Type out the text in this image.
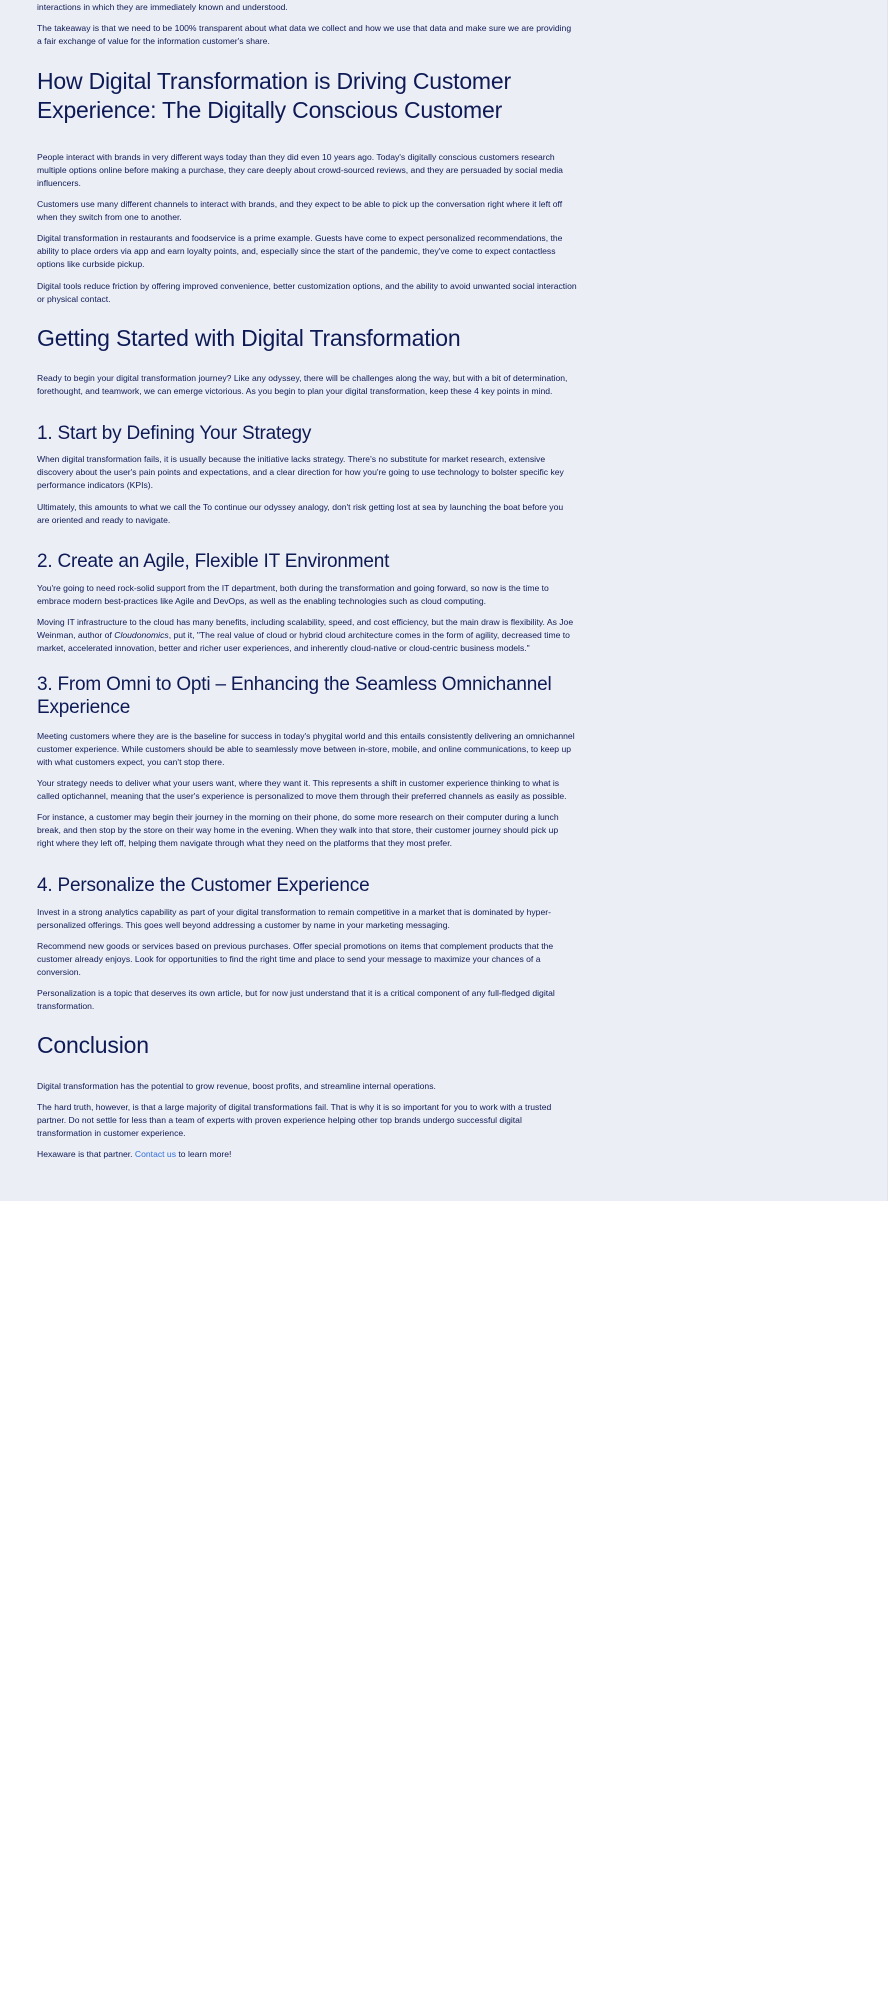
interactions in which they are immediately known and understood.

The takeaway is that we need to be 100% transparent about what data we collect and how we use that data and make sure we are providing a fair exchange of value for the information customer's share.

How Digital Transformation is Driving Customer Experience: The Digitally Conscious Customer

People interact with brands in very different ways today than they did even 10 years ago. Today's digitally conscious customers research multiple options online before making a purchase, they care deeply about crowd-sourced reviews, and they are persuaded by social media influencers.

Customers use many different channels to interact with brands, and they expect to be able to pick up the conversation right where it left off when they switch from one to another.

Digital transformation in restaurants and foodservice is a prime example. Guests have come to expect personalized recommendations, the ability to place orders via app and earn loyalty points, and, especially since the start of the pandemic, they've come to expect contactless options like curbside pickup.

Digital tools reduce friction by offering improved convenience, better customization options, and the ability to avoid unwanted social interaction or physical contact.

Getting Started with Digital Transformation

Ready to begin your digital transformation journey? Like any odyssey, there will be challenges along the way, but with a bit of determination, forethought, and teamwork, we can emerge victorious. As you begin to plan your digital transformation, keep these 4 key points in mind.

1. Start by Defining Your Strategy

When digital transformation fails, it is usually because the initiative lacks strategy. There's no substitute for market research, extensive discovery about the user's pain points and expectations, and a clear direction for how you're going to use technology to bolster specific key performance indicators (KPIs).

Ultimately, this amounts to what we call the To continue our odyssey analogy, don't risk getting lost at sea by launching the boat before you are oriented and ready to navigate.

2. Create an Agile, Flexible IT Environment

You're going to need rock-solid support from the IT department, both during the transformation and going forward, so now is the time to embrace modern best-practices like Agile and DevOps, as well as the enabling technologies such as cloud computing.

Moving IT infrastructure to the cloud has many benefits, including scalability, speed, and cost efficiency, but the main draw is flexibility. As Joe Weinman, author of Cloudonomics, put it, "The real value of cloud or hybrid cloud architecture comes in the form of agility, decreased time to market, accelerated innovation, better and richer user experiences, and inherently cloud-native or cloud-centric business models."

3. From Omni to Opti – Enhancing the Seamless Omnichannel Experience

Meeting customers where they are is the baseline for success in today's phygital world and this entails consistently delivering an omnichannel customer experience. While customers should be able to seamlessly move between in-store, mobile, and online communications, to keep up with what customers expect, you can't stop there.

Your strategy needs to deliver what your users want, where they want it. This represents a shift in customer experience thinking to what is called optichannel, meaning that the user's experience is personalized to move them through their preferred channels as easily as possible.

For instance, a customer may begin their journey in the morning on their phone, do some more research on their computer during a lunch break, and then stop by the store on their way home in the evening. When they walk into that store, their customer journey should pick up right where they left off, helping them navigate through what they need on the platforms that they most prefer.

4. Personalize the Customer Experience

Invest in a strong analytics capability as part of your digital transformation to remain competitive in a market that is dominated by hyper-personalized offerings. This goes well beyond addressing a customer by name in your marketing messaging.

Recommend new goods or services based on previous purchases. Offer special promotions on items that complement products that the customer already enjoys. Look for opportunities to find the right time and place to send your message to maximize your chances of a conversion.

Personalization is a topic that deserves its own article, but for now just understand that it is a critical component of any full-fledged digital transformation.

Conclusion

Digital transformation has the potential to grow revenue, boost profits, and streamline internal operations.

The hard truth, however, is that a large majority of digital transformations fail. That is why it is so important for you to work with a trusted partner. Do not settle for less than a team of experts with proven experience helping other top brands undergo successful digital transformation in customer experience.

Hexaware is that partner. Contact us to learn more!
